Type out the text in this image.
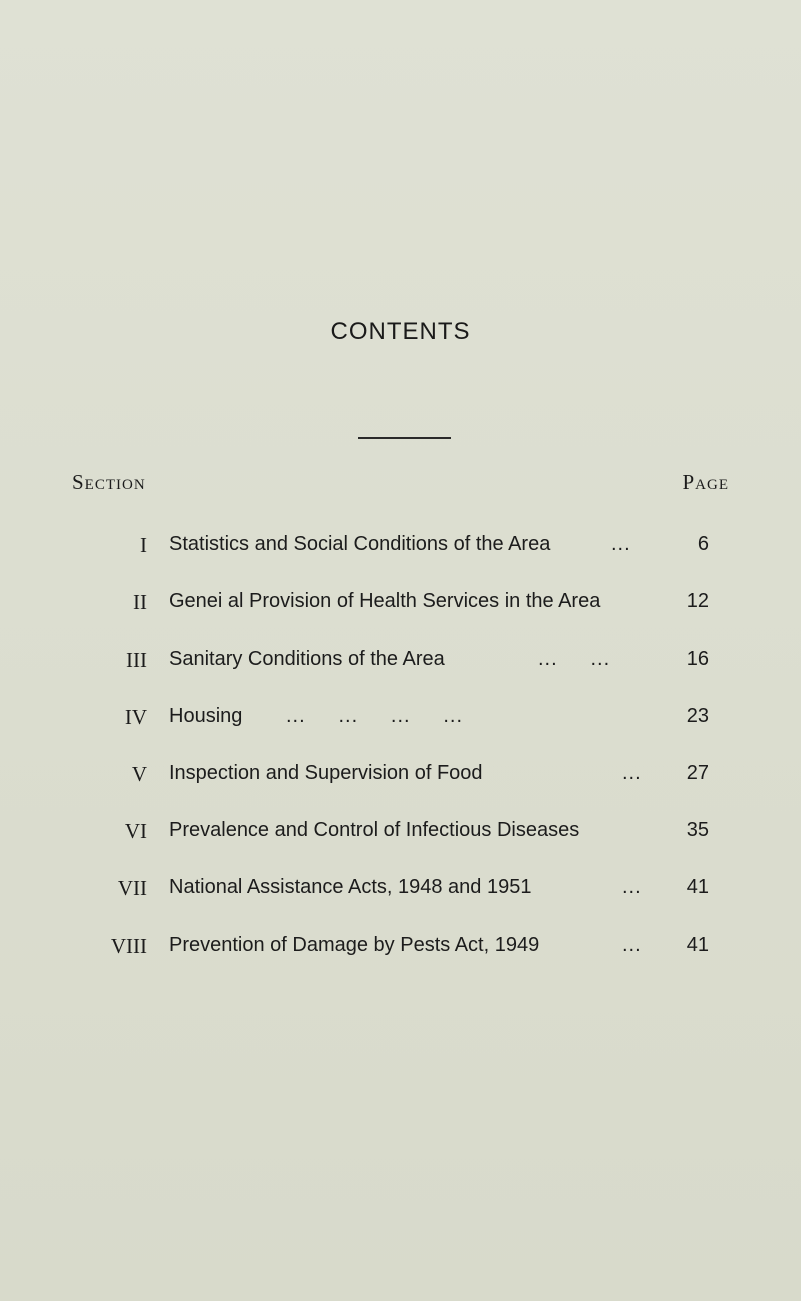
CONTENTS
Section	Page
I Statistics and Social Conditions of the Area	...	6
II Genei al Provision of Health Services in the Area	12
III Sanitary Conditions of the Area	...     ...	16
IV Housing ...     ...     ...     ...	23
V Inspection and Supervision of Food	... 27
VI Prevalence and Control of Infectious Diseases	35
VII National Assistance Acts, 1948 and 1951	... 41
VIII Prevention of Damage by Pests Act, 1949	... 41
